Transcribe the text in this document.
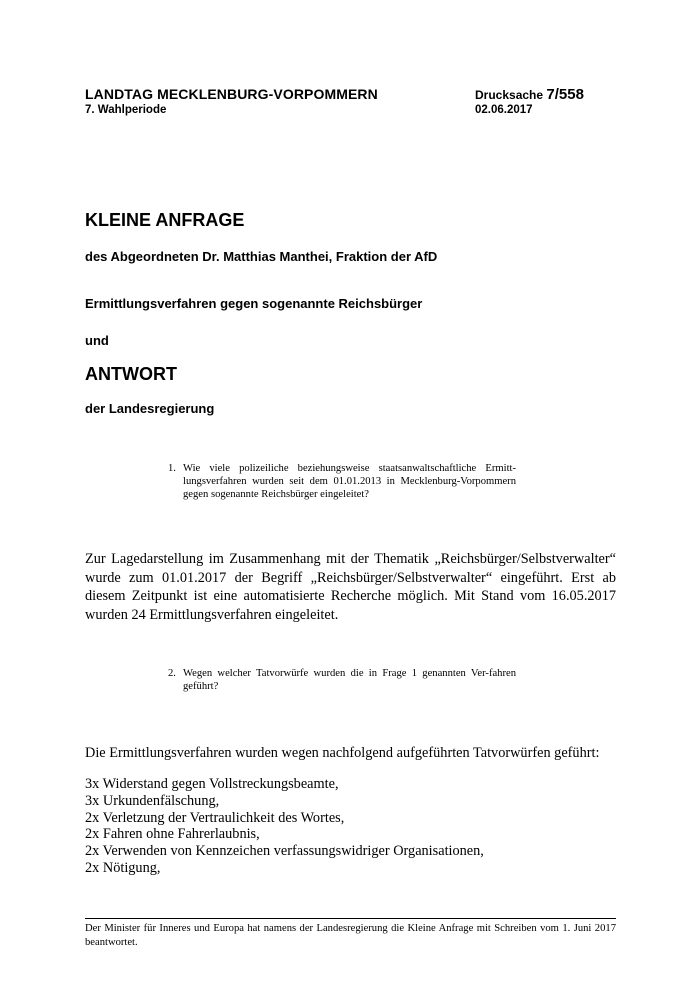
LANDTAG MECKLENBURG-VORPOMMERN
7. Wahlperiode
Drucksache 7/558
02.06.2017
KLEINE ANFRAGE
des Abgeordneten Dr. Matthias Manthei, Fraktion der AfD
Ermittlungsverfahren gegen sogenannte Reichsbürger
und
ANTWORT
der Landesregierung
1. Wie viele polizeiliche beziehungsweise staatsanwaltschaftliche Ermitt-lungsverfahren wurden seit dem 01.01.2013 in Mecklenburg-Vorpommern gegen sogenannte Reichsbürger eingeleitet?
Zur Lagedarstellung im Zusammenhang mit der Thematik „Reichsbürger/Selbstverwalter“ wurde zum 01.01.2017 der Begriff „Reichsbürger/Selbstverwalter“ eingeführt. Erst ab diesem Zeitpunkt ist eine automatisierte Recherche möglich. Mit Stand vom 16.05.2017 wurden 24 Ermittlungsverfahren eingeleitet.
2. Wegen welcher Tatvorwürfe wurden die in Frage 1 genannten Ver-fahren geführt?
Die Ermittlungsverfahren wurden wegen nachfolgend aufgeführten Tatvorwürfen geführt:
3x Widerstand gegen Vollstreckungsbeamte,
3x Urkundenfälschung,
2x Verletzung der Vertraulichkeit des Wortes,
2x Fahren ohne Fahrerlaubnis,
2x Verwenden von Kennzeichen verfassungswidriger Organisationen,
2x Nötigung,
Der Minister für Inneres und Europa hat namens der Landesregierung die Kleine Anfrage mit Schreiben vom 1. Juni 2017 beantwortet.
